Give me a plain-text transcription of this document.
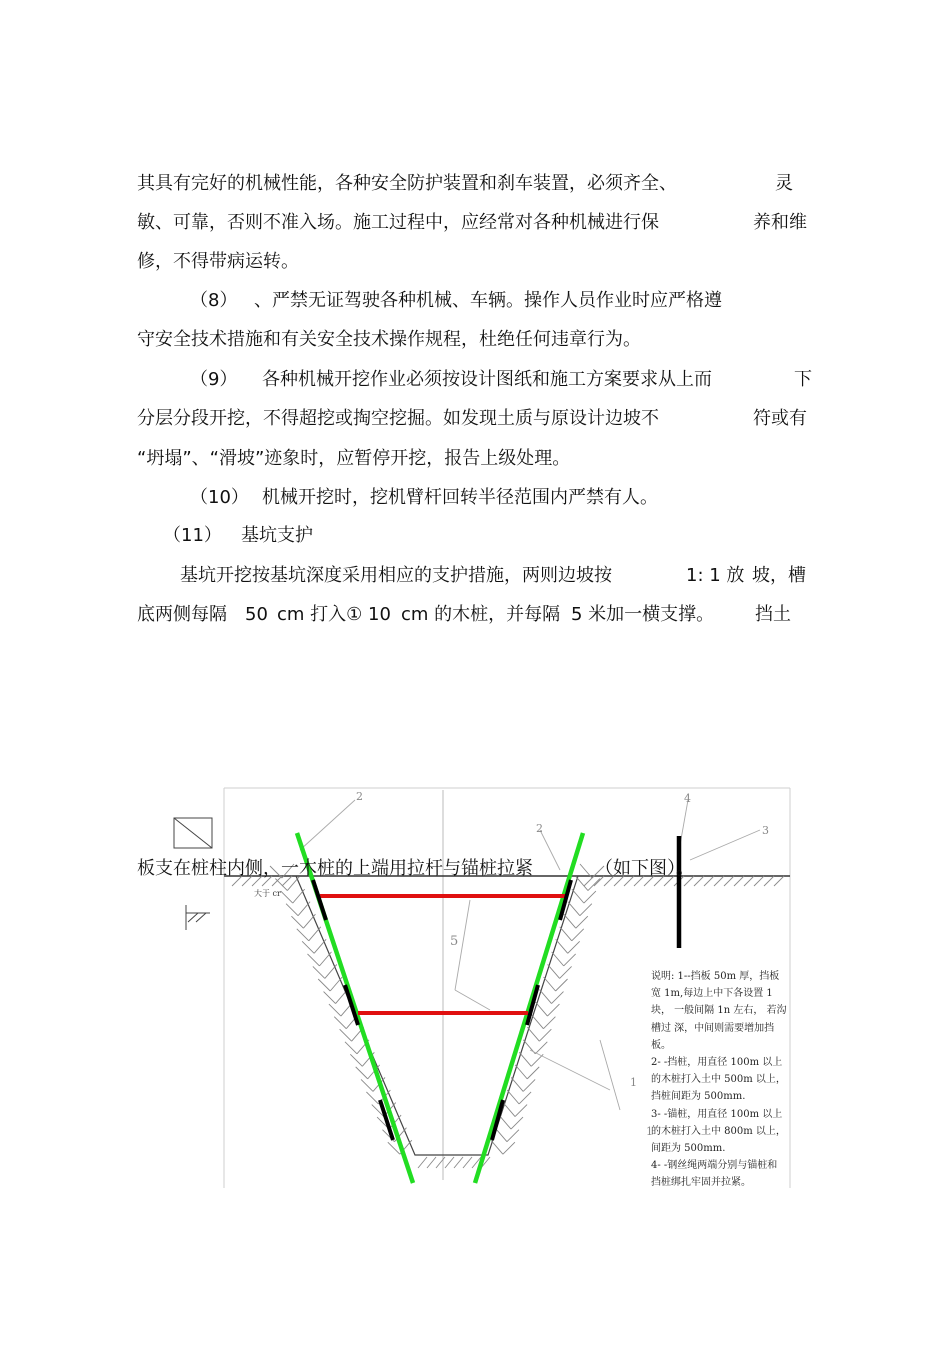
2
2
4
3
5
1
1
大于 cr
其具有完好的机械性能，各种安全防护装置和刹车装置，必须齐全、	灵
敏、可靠，否则不准入场。施工过程中，应经常对各种机械进行保	养和维
修，不得带病运转。
（8） 、严禁无证驾驶各种机械、车辆。操作人员作业时应严格遵
守安全技术措施和有关安全技术操作规程，杜绝任何违章行为。
（9） 各种机械开挖作业必须按设计图纸和施工方案要求从上而	下
分层分段开挖，不得超挖或掏空挖掘。如发现土质与原设计边坡不	符或有
“坍塌”、“滑坡”迹象时，应暂停开挖，报告上级处理。
（10） 机械开挖时，挖机臂杆回转半径范围内严禁有人。
（11） 基坑支护
基坑开挖按基坑深度采用相应的支护措施，两则边坡按	1: 1 放 坡，槽
底两侧每隔 50 cm 打入① 10 cm 的木桩，并每隔 5 米加一横支撑。 挡土
板支在桩柱内侧，一木桩的上端用拉杆与锚桩拉紧	（如下图）。
说明: 1--挡板 50m 厚，挡板
宽 1m,每边上中下各设置 1
块， 一般间隔 1n 左右， 若沟
槽过 深，中间则需要增加挡
板。
2- -挡桩，用直径 100m 以上
的木桩打入土中 500m 以上，
挡桩间距为 500mm.
3- -锚桩，用直径 100m 以上
的木桩打入土中 800m 以上，
间距为 500mm.
4- -钢丝绳两端分别与锚桩和
挡桩绑扎牢固并拉紧。
